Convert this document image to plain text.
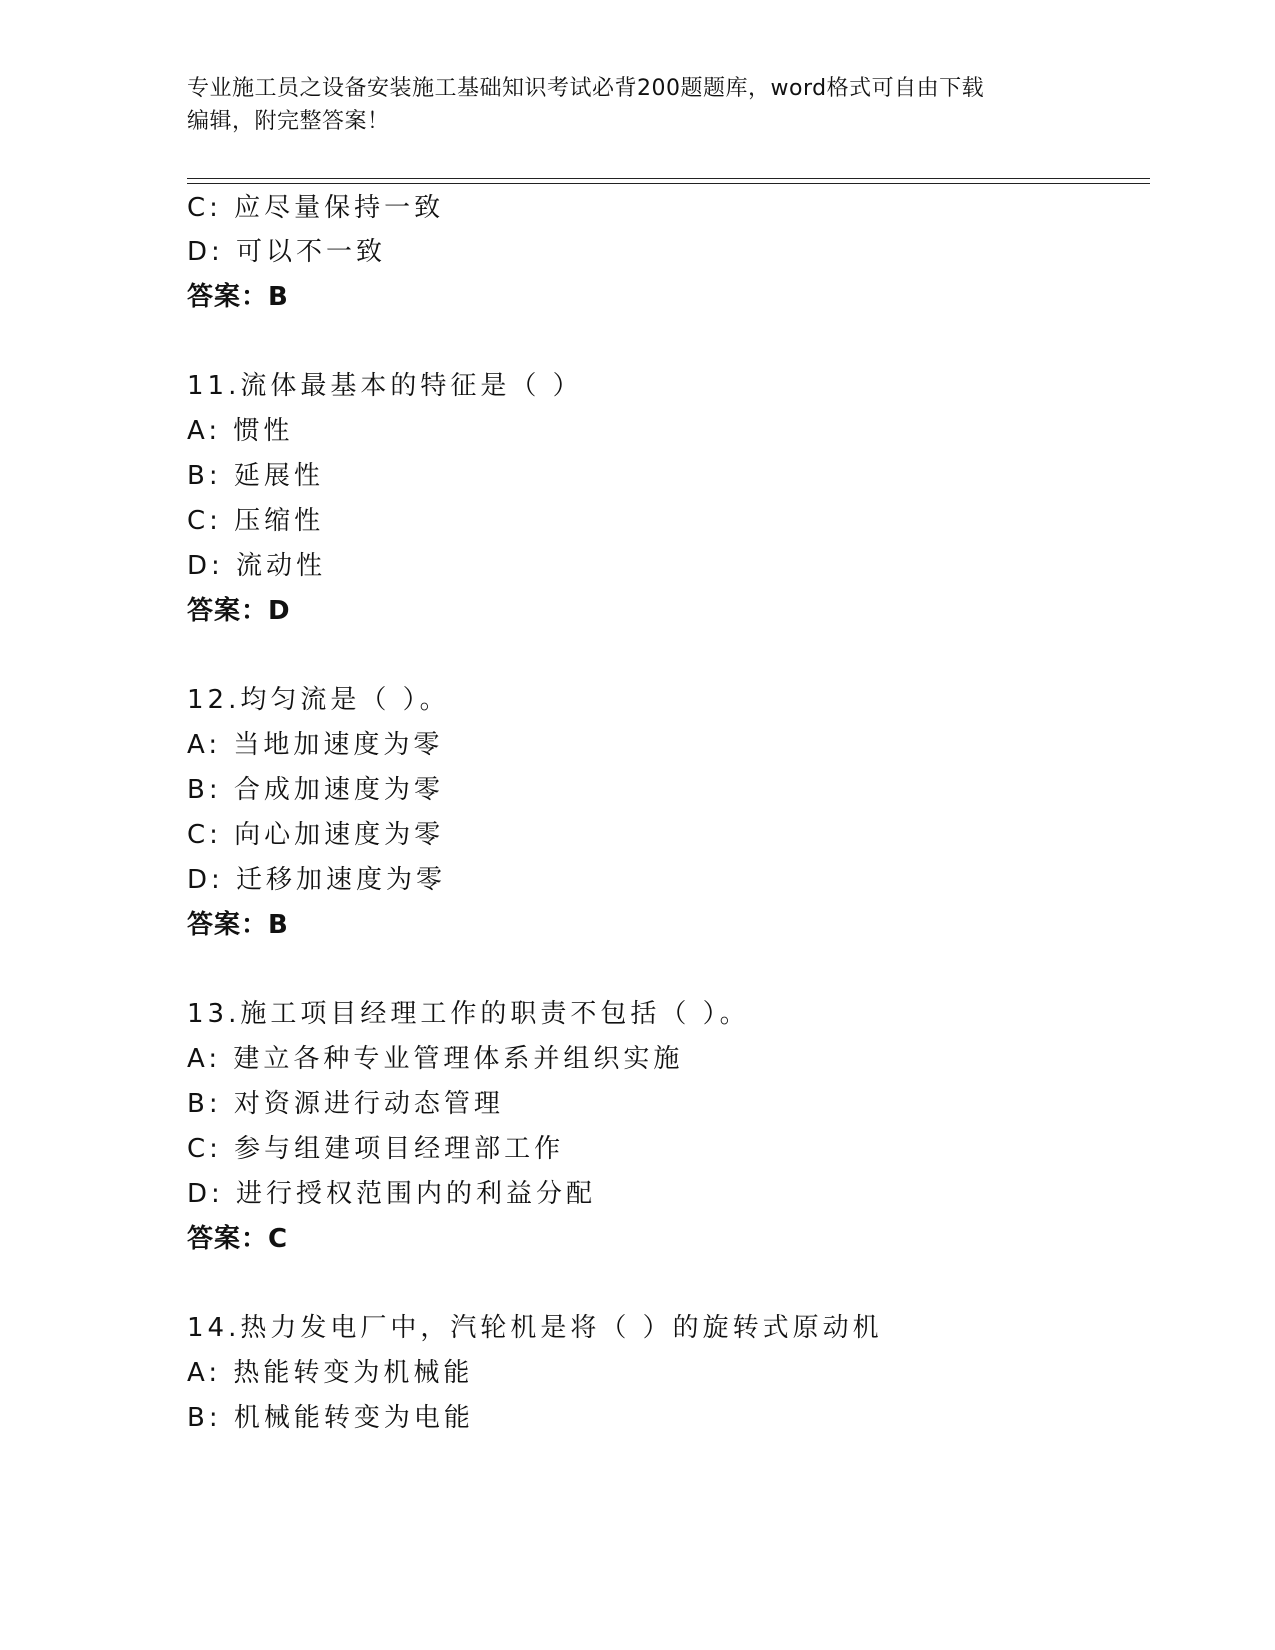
专业施工员之设备安装施工基础知识考试必背200题题库，word格式可自由下载
编辑，附完整答案！
C: 应尽量保持一致
D: 可以不一致
答案：B
11.流体最基本的特征是（ ）
A: 惯性
B: 延展性
C: 压缩性
D: 流动性
答案：D
12.均匀流是（ ）。
A: 当地加速度为零
B: 合成加速度为零
C: 向心加速度为零
D: 迁移加速度为零
答案：B
13.施工项目经理工作的职责不包括（ ）。
A: 建立各种专业管理体系并组织实施
B: 对资源进行动态管理
C: 参与组建项目经理部工作
D: 进行授权范围内的利益分配
答案：C
14.热力发电厂中，汽轮机是将（ ）的旋转式原动机
A: 热能转变为机械能
B: 机械能转变为电能
